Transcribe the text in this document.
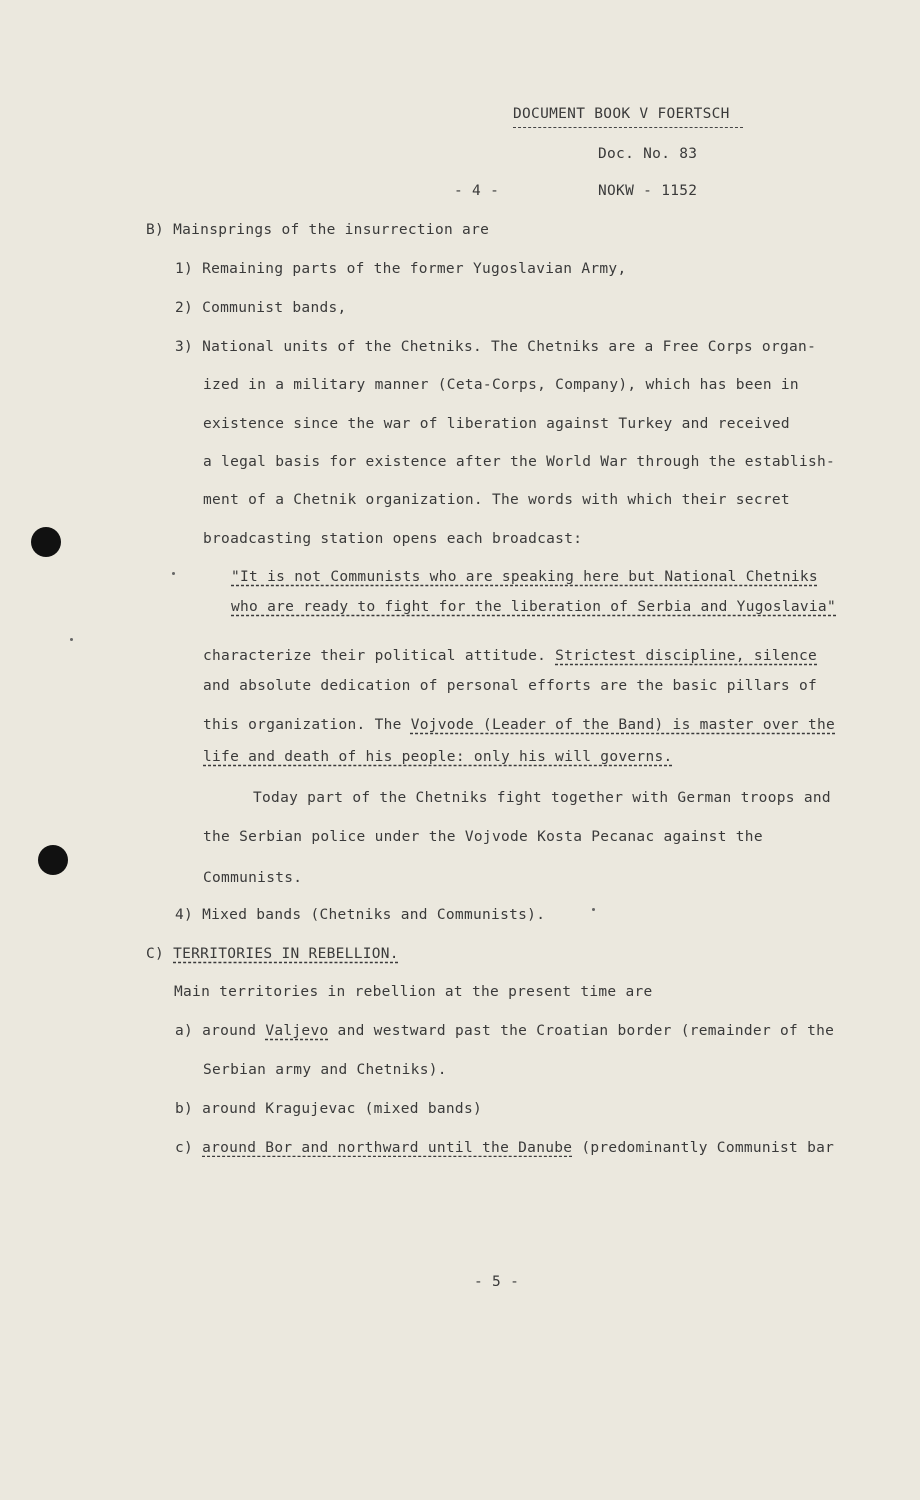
DOCUMENT BOOK V FOERTSCH
Doc. No. 83
- 4 -	NOKW - 1152
B) Mainsprings of the insurrection are
1) Remaining parts of the former Yugoslavian Army,
2) Communist bands,
3) National units of the Chetniks. The Chetniks are a Free Corps organ-
ized in a military manner (Ceta-Corps, Company), which has been in
existence since the war of liberation against Turkey and received
a legal basis for existence after the World War through the establish-
ment of a Chetnik organization. The words with which their secret
broadcasting station opens each broadcast:
"It is not Communists who are speaking here but National Chetniks
who are ready to fight for the liberation of Serbia and Yugoslavia"
characterize their political attitude. Strictest discipline, silence
and absolute dedication of personal efforts are the basic pillars of
this organization. The Vojvode (Leader of the Band) is master over the
life and death of his people: only his will governs.
Today part of the Chetniks fight together with German troops and
the Serbian police under the Vojvode Kosta Pecanac against the
Communists.
4) Mixed bands (Chetniks and Communists).
C) TERRITORIES IN REBELLION.
Main territories in rebellion at the present time are
a) around Valjevo and westward past the Croatian border (remainder of the
Serbian army and Chetniks).
b) around Kragujevac (mixed bands)
c) around Bor and northward until the Danube (predominantly Communist bar
- 5 -
